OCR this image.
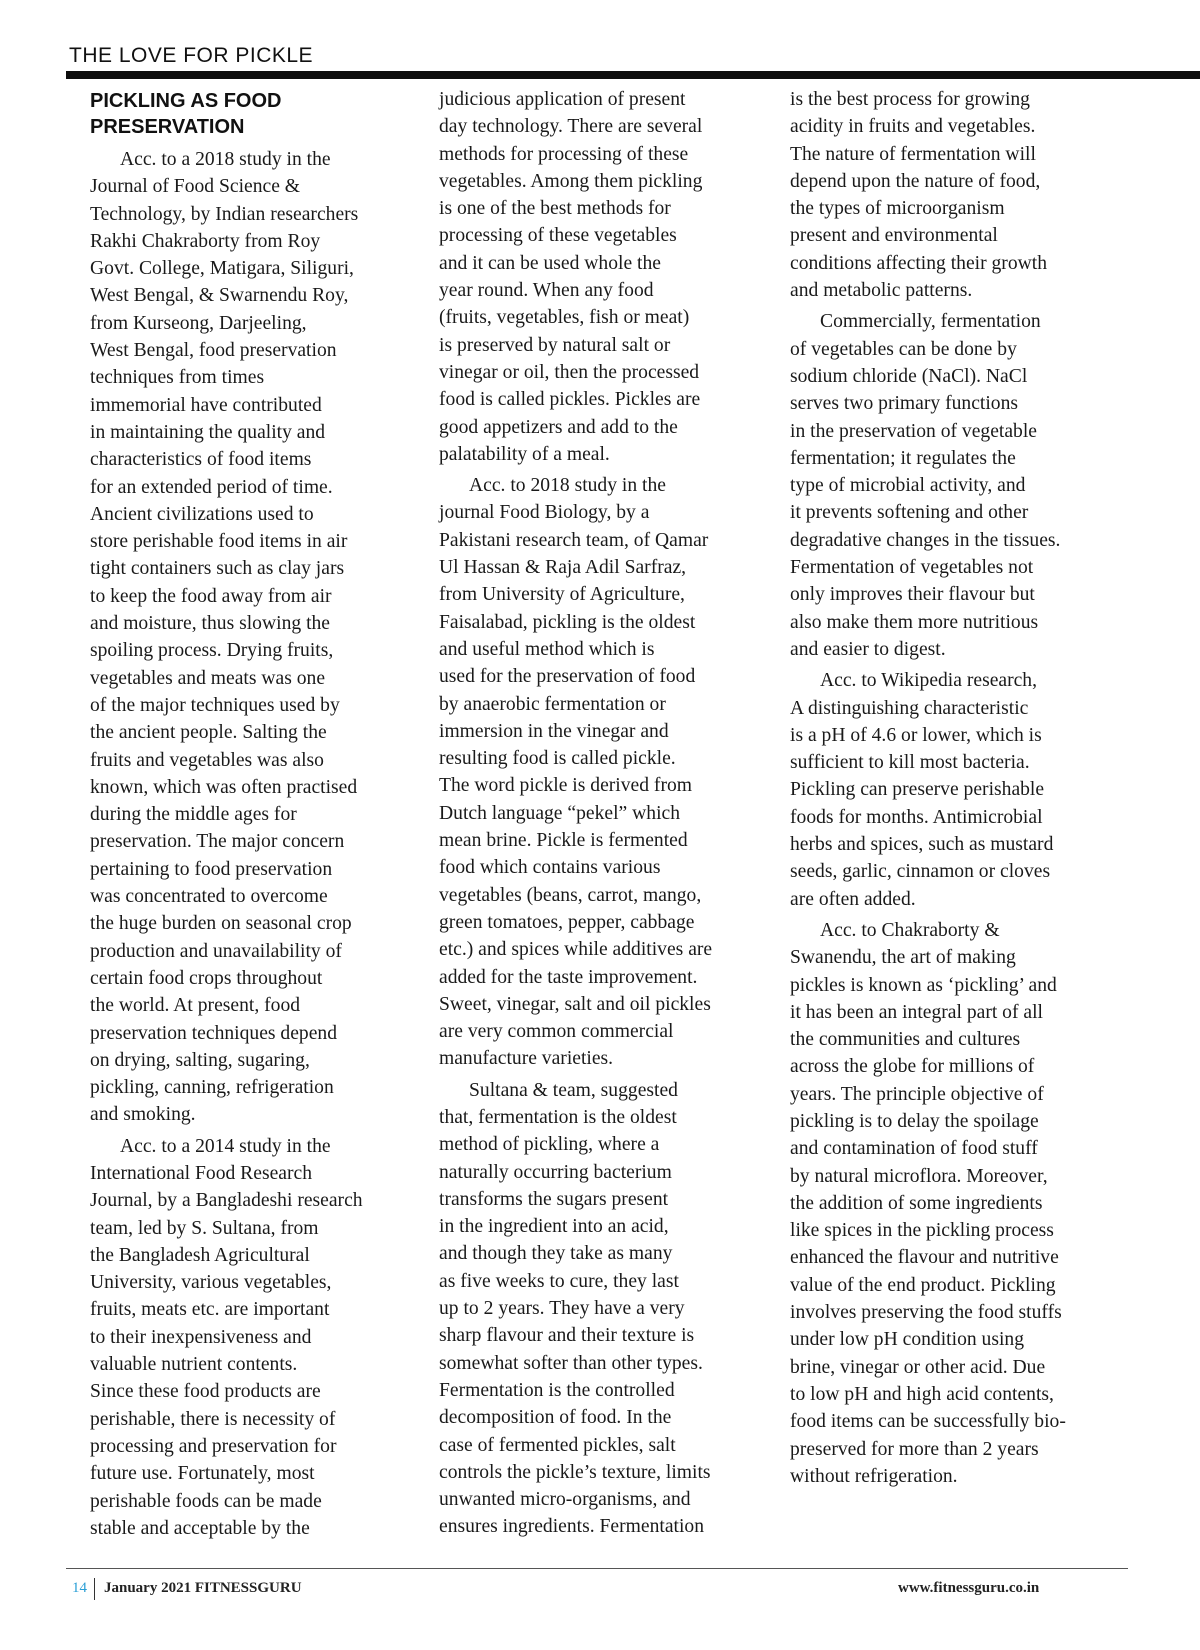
THE LOVE FOR PICKLE
PICKLING AS FOOD
PRESERVATION

Acc. to a 2018 study in the

Journal of Food Science &

Technology, by Indian researchers

Rakhi Chakraborty from Roy

Govt. College, Matigara, Siliguri,

West Bengal, & Swarnendu Roy,

from Kurseong, Darjeeling,

West Bengal, food preservation

techniques from times

immemorial have contributed

in maintaining the quality and

characteristics of food items

for an extended period of time.

Ancient civilizations used to

store perishable food items in air

tight containers such as clay jars

to keep the food away from air

and moisture, thus slowing the

spoiling process. Drying fruits,

vegetables and meats was one

of the major techniques used by

the ancient people. Salting the

fruits and vegetables was also

known, which was often practised

during the middle ages for

preservation. The major concern

pertaining to food preservation

was concentrated to overcome

the huge burden on seasonal crop

production and unavailability of

certain food crops throughout

the world. At present, food

preservation techniques depend

on drying, salting, sugaring,

pickling, canning, refrigeration

and smoking.

Acc. to a 2014 study in the

International Food Research

Journal, by a Bangladeshi research

team, led by S. Sultana, from

the Bangladesh Agricultural

University, various vegetables,

fruits, meats etc. are important

to their inexpensiveness and

valuable nutrient contents.

Since these food products are

perishable, there is necessity of

processing and preservation for

future use. Fortunately, most

perishable foods can be made

stable and acceptable by the

judicious application of present

day technology. There are several

methods for processing of these

vegetables. Among them pickling

is one of the best methods for

processing of these vegetables

and it can be used whole the

year round. When any food

(fruits, vegetables, fish or meat)

is preserved by natural salt or

vinegar or oil, then the processed

food is called pickles. Pickles are

good appetizers and add to the

palatability of a meal.

Acc. to 2018 study in the

journal Food Biology, by a

Pakistani research team, of Qamar

Ul Hassan & Raja Adil Sarfraz,

from University of Agriculture,

Faisalabad, pickling is the oldest

and useful method which is

used for the preservation of food

by anaerobic fermentation or

immersion in the vinegar and

resulting food is called pickle.

The word pickle is derived from

Dutch language “pekel” which

mean brine. Pickle is fermented

food which contains various

vegetables (beans, carrot, mango,

green tomatoes, pepper, cabbage

etc.) and spices while additives are

added for the taste improvement.

Sweet, vinegar, salt and oil pickles

are very common commercial

manufacture varieties.

Sultana & team, suggested

that, fermentation is the oldest

method of pickling, where a

naturally occurring bacterium

transforms the sugars present

in the ingredient into an acid,

and though they take as many

as five weeks to cure, they last

up to 2 years. They have a very

sharp flavour and their texture is

somewhat softer than other types.

Fermentation is the controlled

decomposition of food. In the

case of fermented pickles, salt

controls the pickle’s texture, limits

unwanted micro-organisms, and

ensures ingredients. Fermentation

is the best process for growing

acidity in fruits and vegetables.

The nature of fermentation will

depend upon the nature of food,

the types of microorganism

present and environmental

conditions affecting their growth

and metabolic patterns.

Commercially, fermentation

of vegetables can be done by

sodium chloride (NaCl). NaCl

serves two primary functions

in the preservation of vegetable

fermentation; it regulates the

type of microbial activity, and

it prevents softening and other

degradative changes in the tissues.

Fermentation of vegetables not

only improves their flavour but

also make them more nutritious

and easier to digest.

Acc. to Wikipedia research,

A distinguishing characteristic

is a pH of 4.6 or lower, which is

sufficient to kill most bacteria.

Pickling can preserve perishable

foods for months. Antimicrobial

herbs and spices, such as mustard

seeds, garlic, cinnamon or cloves

are often added.

Acc. to Chakraborty &

Swanendu, the art of making

pickles is known as ‘pickling’ and

it has been an integral part of all

the communities and cultures

across the globe for millions of

years. The principle objective of

pickling is to delay the spoilage

and contamination of food stuff

by natural microflora. Moreover,

the addition of some ingredients

like spices in the pickling process

enhanced the flavour and nutritive

value of the end product. Pickling

involves preserving the food stuffs

under low pH condition using

brine, vinegar or other acid. Due

to low pH and high acid contents,

food items can be successfully bio-

preserved for more than 2 years

without refrigeration.

14 January 2021 FITNESSGURU	www.fitnessguru.co.in
